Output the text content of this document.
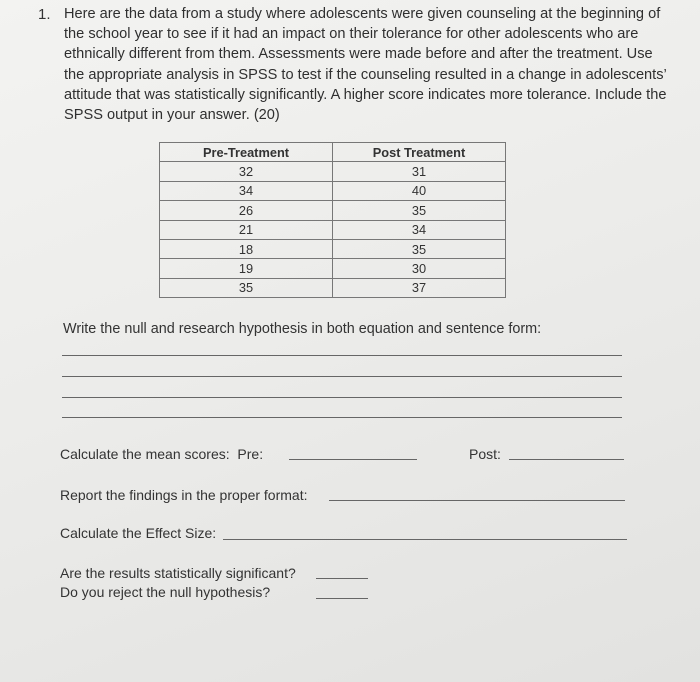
1. Here are the data from a study where adolescents were given counseling at the beginning of the school year to see if it had an impact on their tolerance for other adolescents who are ethnically different from them. Assessments were made before and after the treatment. Use the appropriate analysis in SPSS to test if the counseling resulted in a change in adolescents’ attitude that was statistically significantly. A higher score indicates more tolerance. Include the SPSS output in your answer. (20)
Pre-Treatment	Post Treatment
32	31
34	40
26	35
21	34
18	35
19	30
35	37
Write the null and research hypothesis in both equation and sentence form:
Calculate the mean scores:  Pre:	Post:
Report the findings in the proper format:
Calculate the Effect Size:
Are the results statistically significant?
Do you reject the null hypothesis?
